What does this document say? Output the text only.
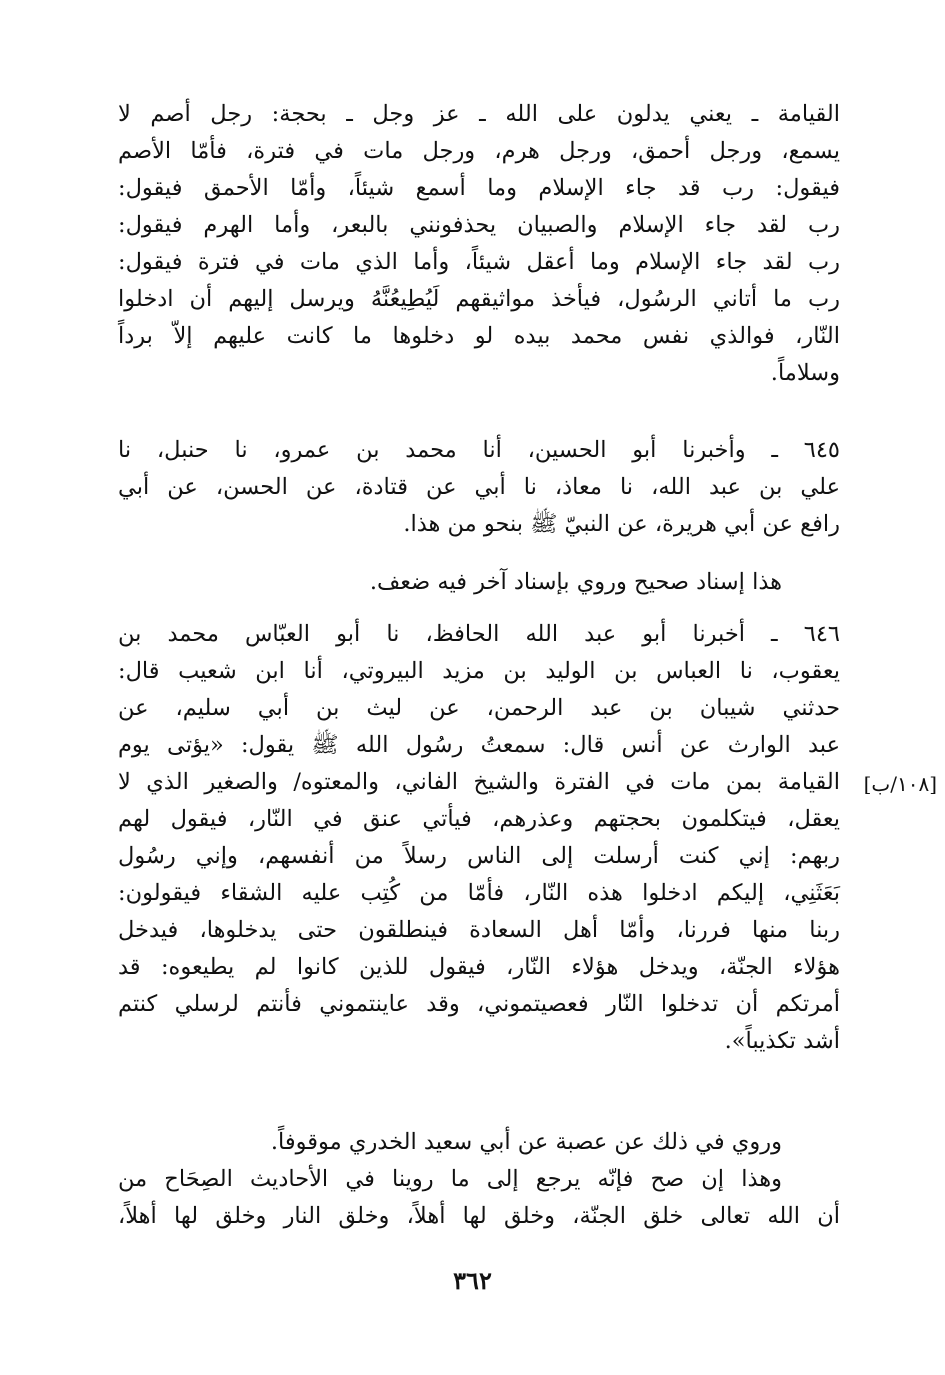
القيامة ـ يعني يدلون على الله ـ عز وجل ـ بحجة: رجل أصم لا
يسمع، ورجل أحمق، ورجل هرم، ورجل مات في فترة، فأمّا الأصم
فيقول: رب قد جاء الإسلام وما أسمع شيئاً، وأمّا الأحمق فيقول:
رب لقد جاء الإسلام والصبيان يحذفونني بالبعر، وأما الهرم فيقول:
رب لقد جاء الإسلام وما أعقل شيئاً، وأما الذي مات في فترة فيقول:
رب ما أتاني الرسُول، فيأخذ مواثيقهم لَيُطِيعُنَّهُ ويرسل إليهم أن ادخلوا
النّار، فوالذي نفس محمد بيده لو دخلوها ما كانت عليهم إلاّ برداً
وسلاماً.
٦٤٥ ـ وأخبرنا أبو الحسين، أنا محمد بن عمرو، نا حنبل، نا
علي بن عبد الله، نا معاذ، نا أبي عن قتادة، عن الحسن، عن أبي
رافع عن أبي هريرة، عن النبيّ ﷺ بنحو من هذا.
هذا إسناد صحيح وروي بإسناد آخر فيه ضعف.
٦٤٦ ـ أخبرنا أبو عبد الله الحافظ، نا أبو العبّاس محمد بن
يعقوب، نا العباس بن الوليد بن مزيد البيروتي، أنا ابن شعيب قال:
حدثني شيبان بن عبد الرحمن، عن ليث بن أبي سليم، عن
عبد الوارث عن أنس قال: سمعتُ رسُول الله ﷺ يقول: «يؤتى يوم
القيامة بمن مات في الفترة والشيخ الفاني، والمعتوه/ والصغير الذي لا
يعقل، فيتكلمون بحجتهم وعذرهم، فيأتي عنق في النّار، فيقول لهم
ربهم: إني كنت أرسلت إلى الناس رسلاً من أنفسهم، وإني رسُول
بَعَثَنِي، إليكم ادخلوا هذه النّار، فأمّا من كُتِب عليه الشقاء فيقولون:
ربنا منها فررنا، وأمّا أهل السعادة فينطلقون حتى يدخلوها، فيدخل
هؤلاء الجنّة، ويدخل هؤلاء النّار، فيقول للذين كانوا لم يطيعوه: قد
أمرتكم أن تدخلوا النّار فعصيتموني، وقد عاينتموني فأنتم لرسلي كنتم
أشد تكذيباً».
وروي في ذلك عن عصبة عن أبي سعيد الخدري موقوفاً.
وهذا إن صح فإنّه يرجع إلى ما روينا في الأحاديث الصِحَاح من
أن الله تعالى خلق الجنّة، وخلق لها أهلاً، وخلق النار وخلق لها أهلاً،
[١٠٨/ب]
٣٦٢
